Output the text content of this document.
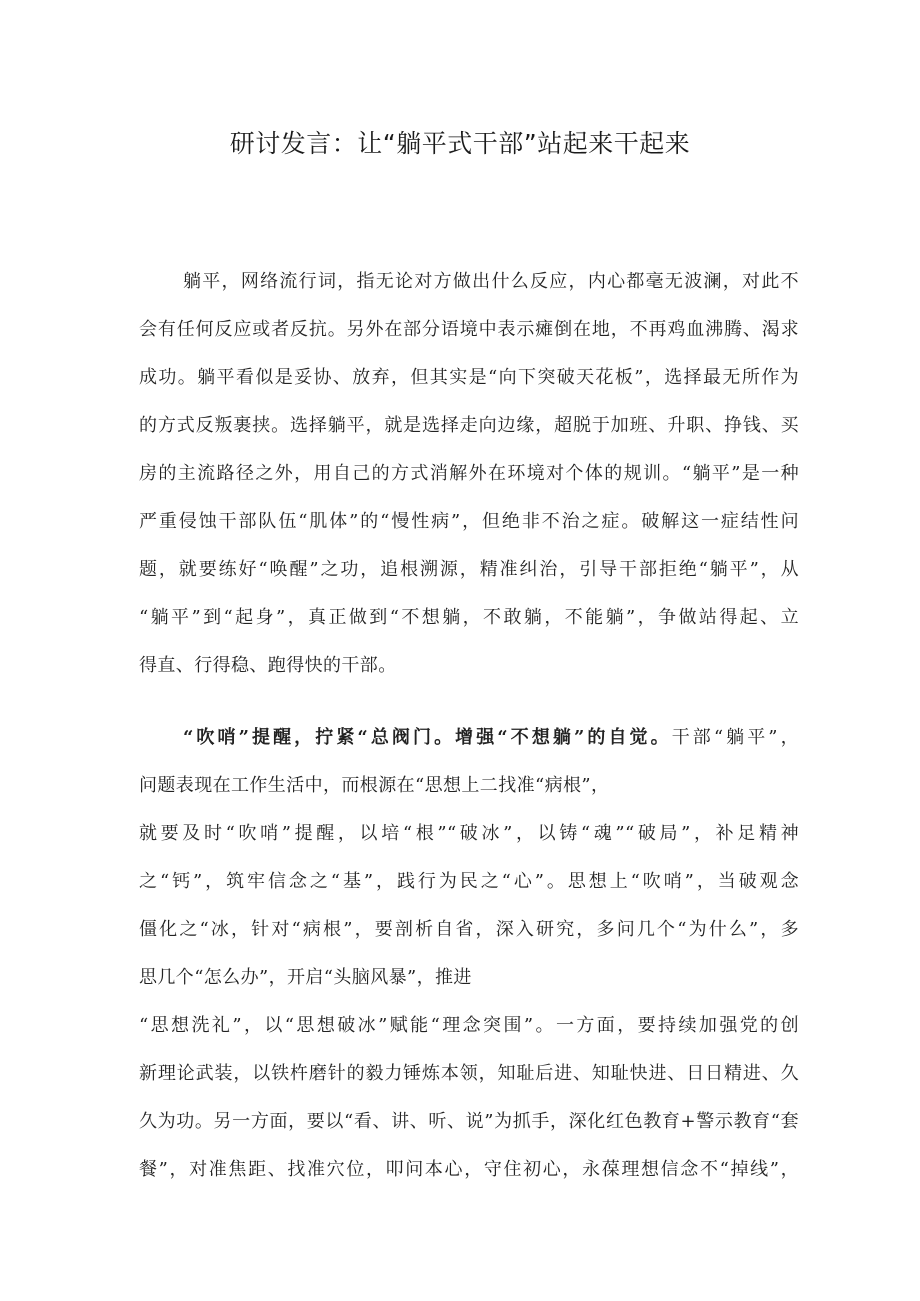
研讨发言：让“躺平式干部”站起来干起来
躺平，网络流行词，指无论对方做出什么反应，内心都毫无波澜，对此不
会有任何反应或者反抗。另外在部分语境中表示瘫倒在地，不再鸡血沸腾、渴求
成功。躺平看似是妥协、放弃，但其实是“向下突破天花板”，选择最无所作为
的方式反叛裹挟。选择躺平，就是选择走向边缘，超脱于加班、升职、挣钱、买
房的主流路径之外，用自己的方式消解外在环境对个体的规训。“躺平”是一种
严重侵蚀干部队伍“肌体”的“慢性病”，但绝非不治之症。破解这一症结性问
题，就要练好“唤醒”之功，追根溯源，精准纠治，引导干部拒绝“躺平”，从
“躺平”到“起身”，真正做到“不想躺，不敢躺，不能躺”，争做站得起、立
得直、行得稳、跑得快的干部。
“吹哨”提醒，拧紧“总阀门。增强“不想躺”的自觉。干部“躺平”，
问题表现在工作生活中，而根源在“思想上二找准“病根”，
就要及时“吹哨”提醒，以培“根”“破冰”，以铸“魂”“破局”，补足精神
之“钙”，筑牢信念之“基”，践行为民之“心”。思想上“吹哨”，当破观念
僵化之“冰，针对“病根”，要剖析自省，深入研究，多问几个“为什么”，多
思几个“怎么办”，开启“头脑风暴”，推进
“思想洗礼”，以“思想破冰”赋能“理念突围”。一方面，要持续加强党的创
新理论武装，以铁杵磨针的毅力锤炼本领，知耻后进、知耻快进、日日精进、久
久为功。另一方面，要以“看、讲、听、说”为抓手，深化红色教育+警示教育“套
餐”，对准焦距、找准穴位，叩问本心，守住初心，永葆理想信念不“掉线”，
